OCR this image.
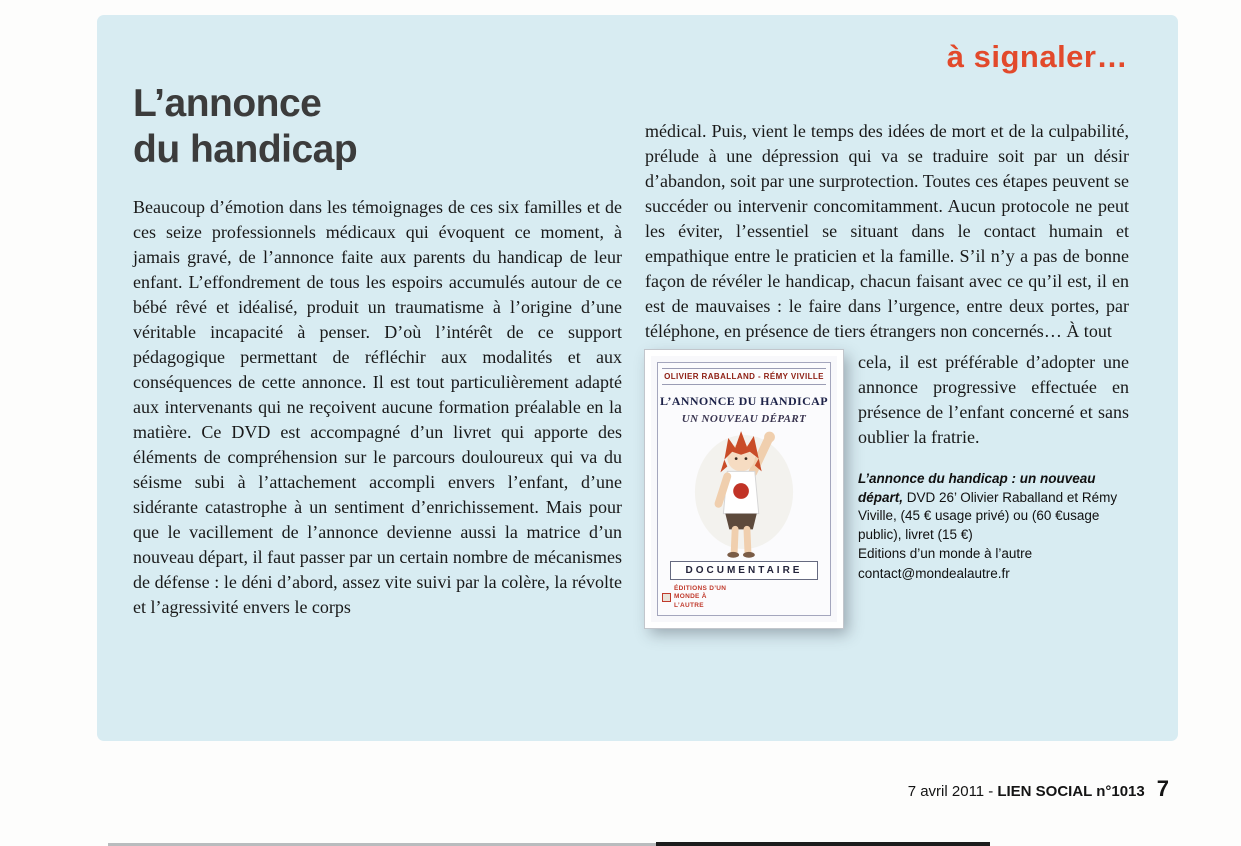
à signaler…
L’annonce
du handicap
Beaucoup d’émotion dans les témoignages de ces six familles et de ces seize professionnels médicaux qui évoquent ce moment, à jamais gravé, de l’annonce faite aux parents du handicap de leur enfant. L’effondrement de tous les espoirs accumulés autour de ce bébé rêvé et idéalisé, produit un traumatisme à l’origine d’une véritable incapacité à penser. D’où l’intérêt de ce support pédagogique permettant de réfléchir aux modalités et aux conséquences de cette annonce. Il est tout particulièrement adapté aux intervenants qui ne reçoivent aucune formation préalable en la matière. Ce DVD est accompagné d’un livret qui apporte des éléments de compréhension sur le parcours douloureux qui va du séisme subi à l’attachement accompli envers l’enfant, d’une sidérante catastrophe à un sentiment d’enrichissement. Mais pour que le vacillement de l’annonce devienne aussi la matrice d’un nouveau départ, il faut passer par un certain nombre de mécanismes de défense : le déni d’abord, assez vite suivi par la colère, la révolte et l’agressivité envers le corps
médical. Puis, vient le temps des idées de mort et de la culpabilité, prélude à une dépression qui va se traduire soit par un désir d’abandon, soit par une surprotection. Toutes ces étapes peuvent se succéder ou intervenir concomitamment. Aucun protocole ne peut les éviter, l’essentiel se situant dans le contact humain et empathique entre le praticien et la famille. S’il n’y a pas de bonne façon de révéler le handicap, chacun faisant avec ce qu’il est, il en est de mauvaises : le faire dans l’urgence, entre deux portes, par téléphone, en présence de tiers étrangers non concernés… À tout
OLIVIER RABALLAND - RÉMY VIVILLE
L’ANNONCE DU HANDICAP
UN NOUVEAU DÉPART
DOCUMENTAIRE
ÉDITIONS D’UN MONDE À L’AUTRE
cela, il est préférable d’adopter une annonce progressive effectuée en présence de l’enfant concerné et sans oublier la fratrie.
L’annonce du handicap : un nouveau départ, DVD 26’ Olivier Raballand et Rémy Viville, (45 € usage privé) ou (60 €usage public), livret (15 €)
Editions d’un monde à l’autre
contact@mondealautre.fr
7 avril 2011 - LIEN SOCIAL n°1013 7
